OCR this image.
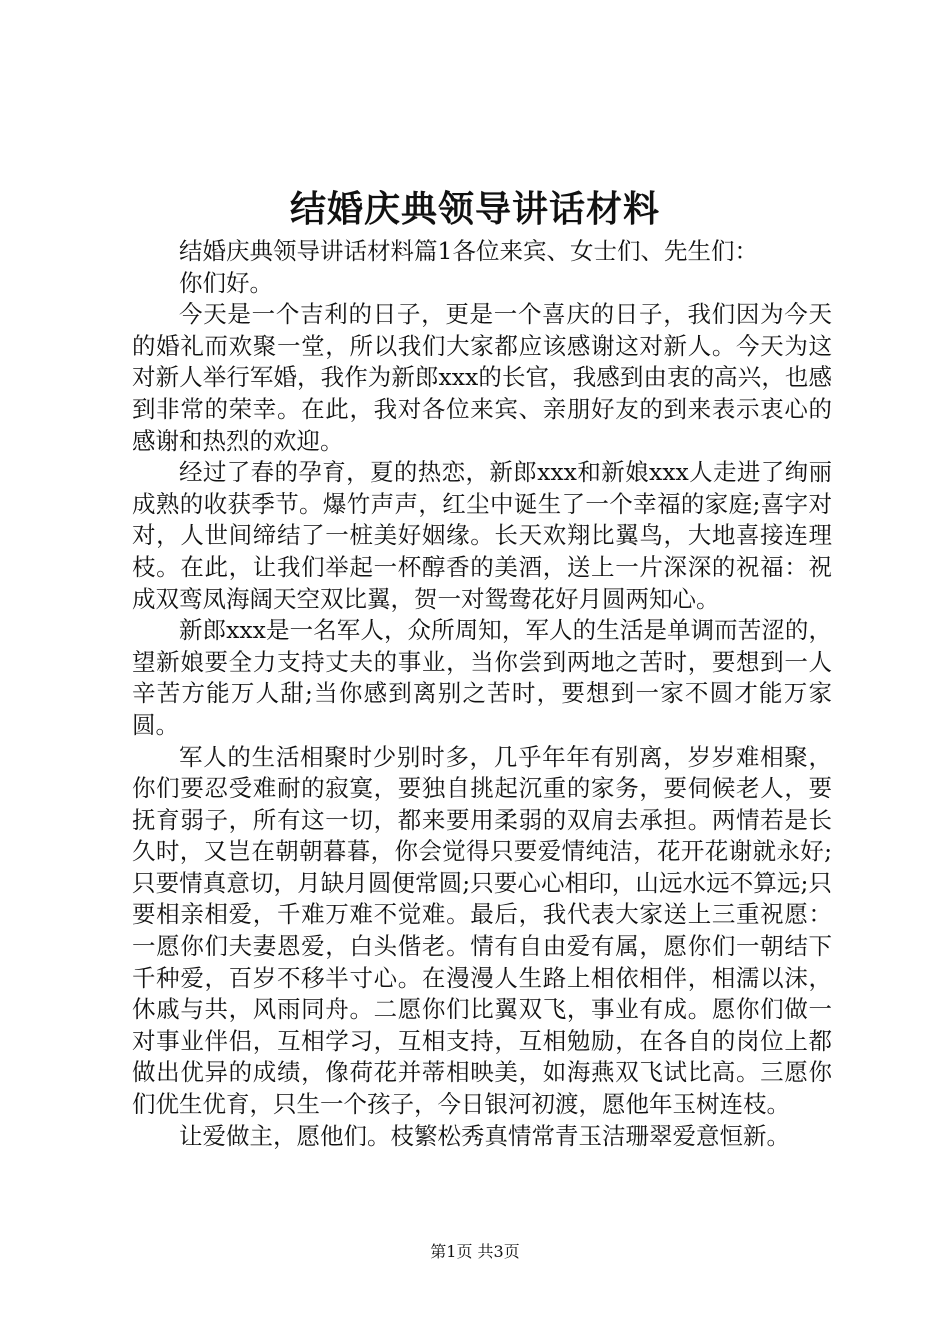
结婚庆典领导讲话材料

结婚庆典领导讲话材料篇1各位来宾、女士们、先生们：

你们好。

今天是一个吉利的日子，更是一个喜庆的日子，我们因为今天的婚礼而欢聚一堂，所以我们大家都应该感谢这对新人。今天为这对新人举行军婚，我作为新郎xxx的长官，我感到由衷的高兴，也感到非常的荣幸。在此，我对各位来宾、亲朋好友的到来表示衷心的感谢和热烈的欢迎。

经过了春的孕育，夏的热恋，新郎xxx和新娘xxx人走进了绚丽成熟的收获季节。爆竹声声，红尘中诞生了一个幸福的家庭;喜字对对，人世间缔结了一桩美好姻缘。长天欢翔比翼鸟，大地喜接连理枝。在此，让我们举起一杯醇香的美酒，送上一片深深的祝福：祝成双鸾凤海阔天空双比翼，贺一对鸳鸯花好月圆两知心。

新郎xxx是一名军人，众所周知，军人的生活是单调而苦涩的，望新娘要全力支持丈夫的事业，当你尝到两地之苦时，要想到一人辛苦方能万人甜;当你感到离别之苦时，要想到一家不圆才能万家圆。

军人的生活相聚时少别时多，几乎年年有别离，岁岁难相聚，你们要忍受难耐的寂寞，要独自挑起沉重的家务，要伺候老人，要抚育弱子，所有这一切，都来要用柔弱的双肩去承担。两情若是长久时，又岂在朝朝暮暮，你会觉得只要爱情纯洁，花开花谢就永好;只要情真意切，月缺月圆便常圆;只要心心相印，山远水远不算远;只要相亲相爱，千难万难不觉难。最后，我代表大家送上三重祝愿：一愿你们夫妻恩爱，白头偕老。情有自由爱有属，愿你们一朝结下千种爱，百岁不移半寸心。在漫漫人生路上相依相伴，相濡以沫，休戚与共，风雨同舟。二愿你们比翼双飞，事业有成。愿你们做一对事业伴侣，互相学习，互相支持，互相勉励，在各自的岗位上都做出优异的成绩，像荷花并蒂相映美，如海燕双飞试比高。三愿你们优生优育，只生一个孩子，今日银河初渡，愿他年玉树连枝。

让爱做主，愿他们。枝繁松秀真情常青玉洁珊翠爱意恒新。

第1页 共3页
